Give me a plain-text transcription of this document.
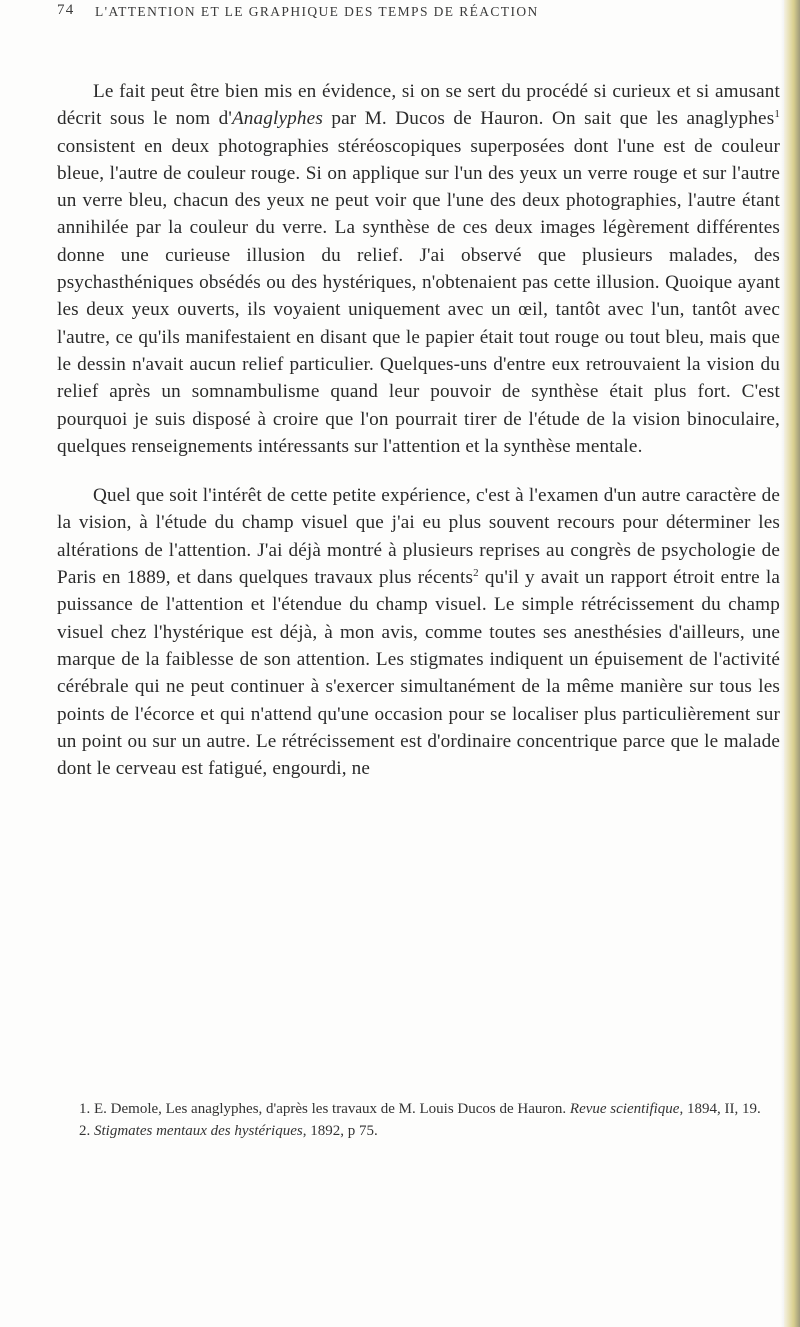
74 L'ATTENTION ET LE GRAPHIQUE DES TEMPS DE RÉACTION

Le fait peut être bien mis en évidence, si on se sert du procédé si curieux et si amusant décrit sous le nom d'Anaglyphes par M. Ducos de Hauron. On sait que les anaglyphes$^1$ consistent en deux photographies stéréoscopiques superposées dont l'une est de couleur bleue, l'autre de couleur rouge. Si on applique sur l'un des yeux un verre rouge et sur l'autre un verre bleu, chacun des yeux ne peut voir que l'une des deux photographies, l'autre étant annihilée par la couleur du verre. La synthèse de ces deux images légèrement différentes donne une curieuse illusion du relief. J'ai observé que plusieurs malades, des psychasthéniques obsédés ou des hystériques, n'obtenaient pas cette illusion. Quoique ayant les deux yeux ouverts, ils voyaient uniquement avec un œil, tantôt avec l'un, tantôt avec l'autre, ce qu'ils manifestaient en disant que le papier était tout rouge ou tout bleu, mais que le dessin n'avait aucun relief particulier. Quelques-uns d'entre eux retrouvaient la vision du relief après un somnambulisme quand leur pouvoir de synthèse était plus fort. C'est pourquoi je suis disposé à croire que l'on pourrait tirer de l'étude de la vision binoculaire, quelques renseignements intéressants sur l'attention et la synthèse mentale.

Quel que soit l'intérêt de cette petite expérience, c'est à l'examen d'un autre caractère de la vision, à l'étude du champ visuel que j'ai eu plus souvent recours pour déterminer les altérations de l'attention. J'ai déjà montré à plusieurs reprises au congrès de psychologie de Paris en 1889, et dans quelques travaux plus récents$^2$ qu'il y avait un rapport étroit entre la puissance de l'attention et l'étendue du champ visuel. Le simple rétrécissement du champ visuel chez l'hystérique est déjà, à mon avis, comme toutes ses anesthésies d'ailleurs, une marque de la faiblesse de son attention. Les stigmates indiquent un épuisement de l'activité cérébrale qui ne peut continuer à s'exercer simultanément de la même manière sur tous les points de l'écorce et qui n'attend qu'une occasion pour se localiser plus particulièrement sur un point ou sur un autre. Le rétrécissement est d'ordinaire concentrique parce que le malade dont le cerveau est fatigué, engourdi, ne

1. E. Demole, Les anaglyphes, d'après les travaux de M. Louis Ducos de Hauron. Revue scientifique, 1894, II, 19.

2. Stigmates mentaux des hystériques, 1892, p 75.
